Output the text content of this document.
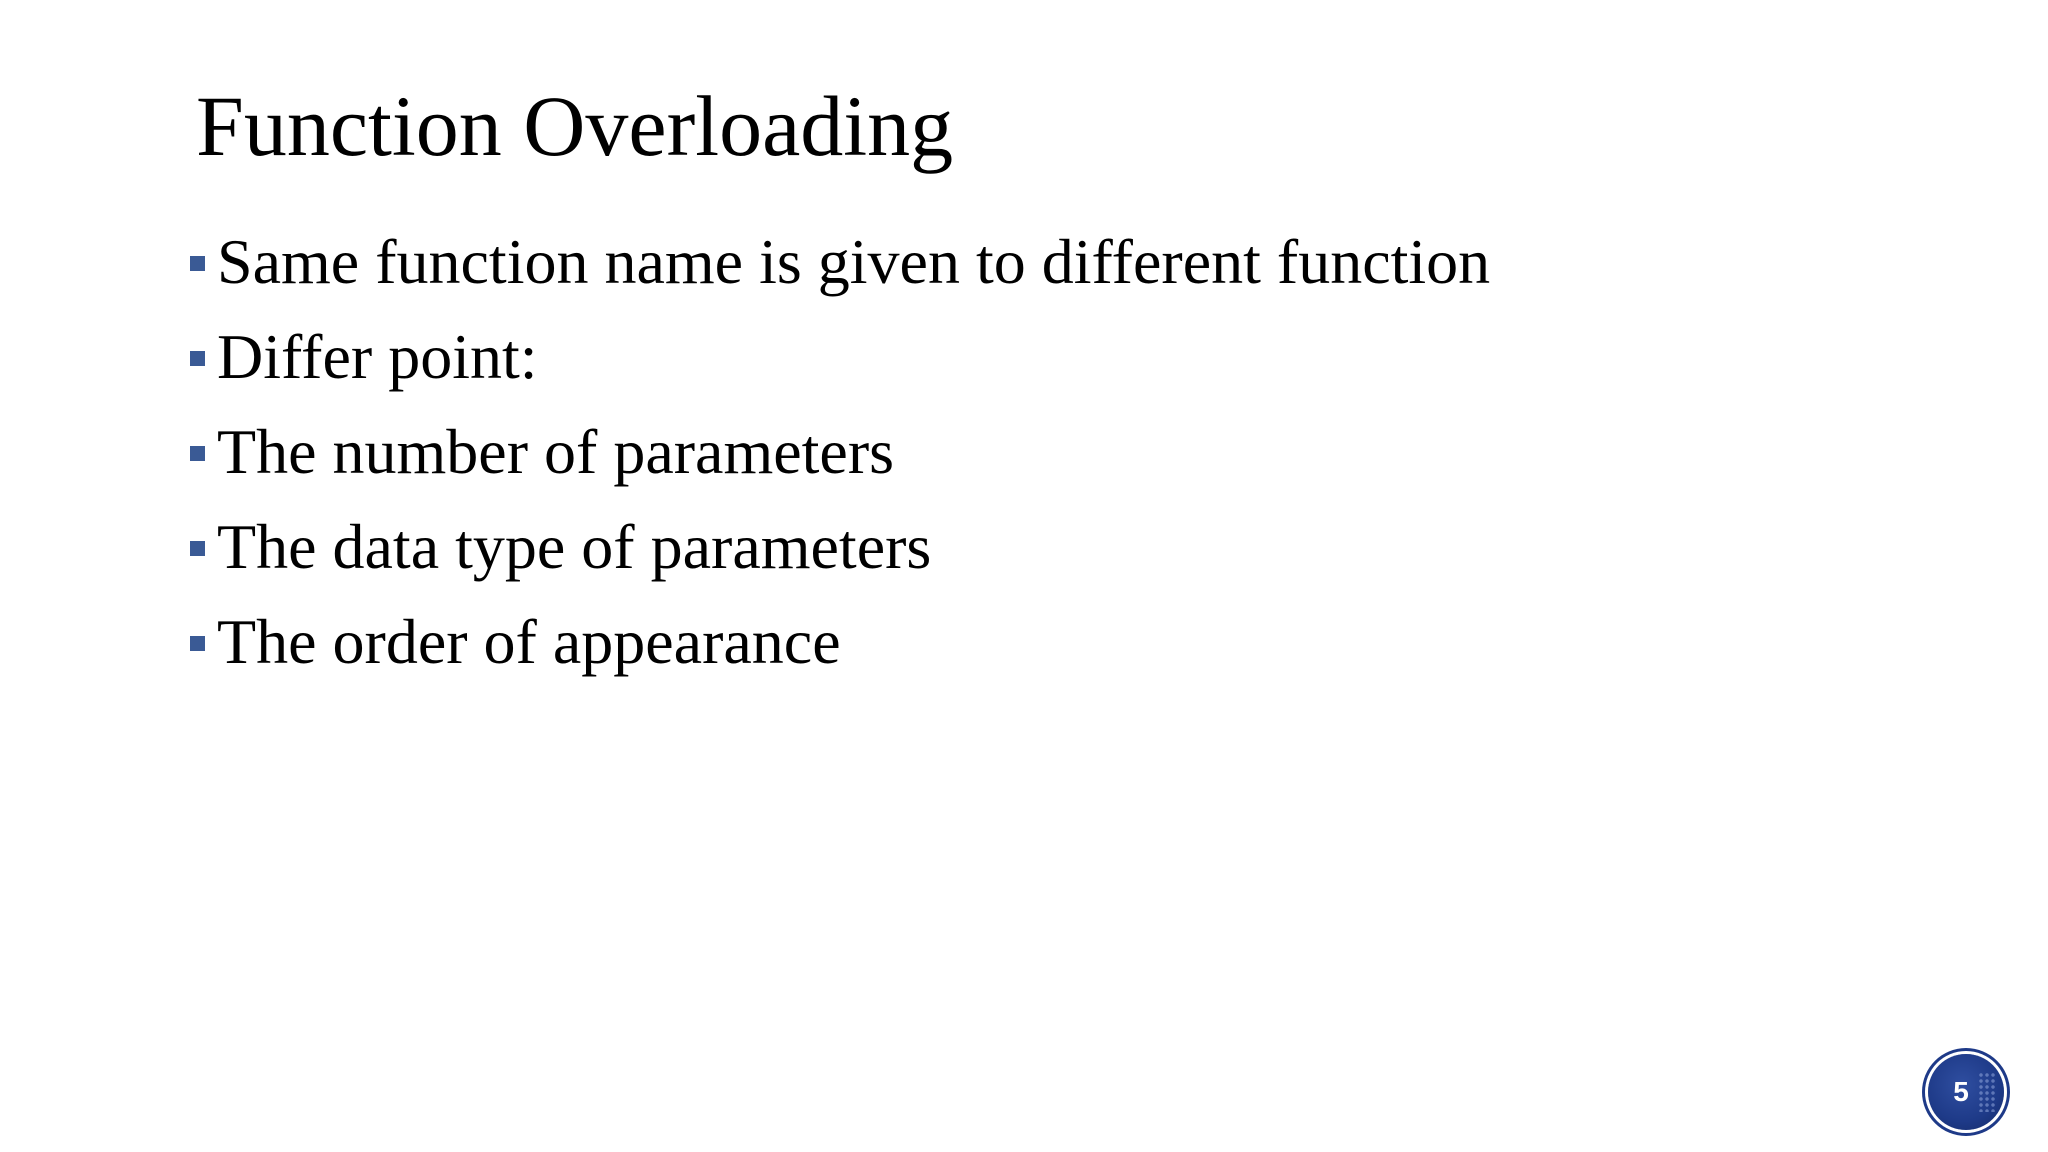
Function Overloading
Same function name is given to different function
Differ point:
The number of parameters
The data type of parameters
The order of appearance
5
